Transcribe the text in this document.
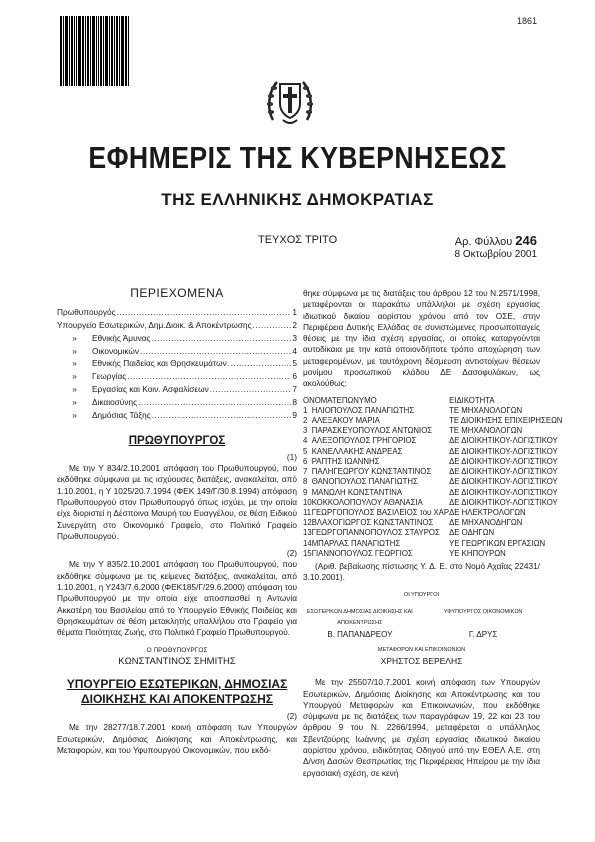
1861
ΕΦΗΜΕΡΙΣ ΤΗΣ ΚΥΒΕΡΝΗΣΕΩΣ
ΤΗΣ ΕΛΛΗΝΙΚΗΣ ΔΗΜΟΚΡΑΤΙΑΣ
ΤΕΥΧΟΣ ΤΡΙΤΟ	Αρ. Φύλλου 246
8 Οκτωβρίου 2001
ΠΕΡΙΕΧΟΜΕΝΑ
Πρωθυπουργός .....	1
Υπουργείο Εσωτερικών, Δημ.Διοικ. & Αποκέντρωσης .....	2
»	Εθνικής Άμυνας .....	3
»	Οικονομικών .....	4
»	Εθνικής Παιδείας και Θρησκευμάτων .....	5
»	Γεωργίας .....	6
»	Εργασίας και Κοιν. Ασφαλίσεων .....	7
»	Δικαιοσύνης .....	8
»	Δημόσιας Τάξης .....	9
ΠΡΩΘΥΠΟΥΡΓΟΣ
(1)

Με την Υ 834/2.10.2001 απόφαση του Πρωθυπουργού, που εκδόθηκε σύμφωνα με τις ισχύουσες διατάξεις, ανακαλείται, από 1.10.2001, η Υ 1025/20.7.1994 (ΦΕΚ 149/Γ/30.8.1994) απόφαση Πρωθυπουργού στον Πρωθυπουργό όπως ισχύει, με την οποία είχε διοριστεί η Δέσποινα Μαυρή του Ευαγγέλου, σε θέση Ειδικού Συνεργάτη στο Οικονομικό Γραφείο, στο Πολιτικό Γραφείο Πρωθυπουργού.

(2)

Με την Υ 835/2.10.2001 απόφαση του Πρωθυπουργού, που εκδόθηκε σύμφωνα με τις κείμενες διατάξεις, ανακαλείται, από 1.10.2001, η Υ243/7.6.2000 (ΦΕΚ185/Γ/29.6.2000) απόφαση του Πρωθυπουργού με την οποία είχε αποσπασθεί η Αντωνία Ακκατέρη του Βασιλείου από το Υπουργείο Εθνικής Παιδείας και Θρησκευμάτων σε θέση μετακλητής υπαλλήλου στο Γραφείο για θέματα Ποιότητας Ζωής, στο Πολιτικό Γραφείο Πρωθυπουργού.

Ο ΠΡΩΘΥΠΟΥΡΓΟΣ
ΚΩΝΣΤΑΝΤΙΝΟΣ ΣΗΜΙΤΗΣ
ΥΠΟΥΡΓΕΙΟ ΕΣΩΤΕΡΙΚΩΝ, ΔΗΜΟΣΙΑΣ ΔΙΟΙΚΗΣΗΣ ΚΑΙ ΑΠΟΚΕΝΤΡΩΣΗΣ
(2)

Με την 28277/18.7.2001 κοινή απόφαση των Υπουργών Εσωτερικών, Δημόσιας Διοίκησης και Αποκέντρωσης, και Μεταφορών, και του Υφυπουργού Οικονομικών, που εκδό-

θηκε σύμφωνα με τις διατάξεις του άρθρου 12 του Ν.2571/1998, μεταφέρονται οι παρακάτω υπάλληλοι με σχέση εργασίας ιδιωτικού δικαίου αορίστου χρόνου από τον ΟΣΕ, στην Περιφέρεια Δυτικής Ελλάδας σε συνιστώμενες προσωποπαγείς θέσεις με την ίδια σχέση εργασίας, οι οποίες καταργούνται αυτοδίκαια με την κατά οποιονδήποτε τρόπο αποχώρηση των μεταφερομένων, με ταυτόχρονη δέσμευση αντιστοίχων θέσεων μονίμου προσωπικού κλάδου ΔΕ Δασοφυλάκων, ως ακολούθως:

ΟΝΟΜΑΤΕΠΩΝΥΜΟ		ΕΙΔΙΚΟΤΗΤΑ
1	ΗΛΙΟΠΟΥΛΟΣ ΠΑΝΑΓΙΩΤΗΣ	ΤΕ ΜΗΧΑΝΟΛΟΓΩΝ
2	ΑΛΕΞΑΚΟΥ ΜΑΡΙΑ	ΤΕ ΔΙΟΙΚΗΣΗΣ ΕΠΙΧΕΙΡΗΣΕΩΝ
3	ΠΑΡΑΣΚΕΥΟΠΟΥΛΟΣ ΑΝΤΩΝΙΟΣ	ΤΕ ΜΗΧΑΝΟΛΟΓΩΝ
4	ΑΛΕΞΟΠΟΥΛΟΣ ΓΡΗΓΟΡΙΟΣ	ΔΕ ΔΙΟΙΚΗΤΙΚΟΥ-ΛΟΓΙΣΤΙΚΟΥ
5	ΚΑΝΕΛΛΑΚΗΣ ΑΝΔΡΕΑΣ	ΔΕ ΔΙΟΙΚΗΤΙΚΟΥ-ΛΟΓΙΣΤΙΚΟΥ
6	ΡΑΠΤΗΣ ΙΩΑΝΝΗΣ	ΔΕ ΔΙΟΙΚΗΤΙΚΟΥ-ΛΟΓΙΣΤΙΚΟΥ
7	ΠΑΛΗΓΕΩΡΓΟΥ ΚΩΝΣΤΑΝΤΙΝΟΣ	ΔΕ ΔΙΟΙΚΗΤΙΚΟΥ-ΛΟΓΙΣΤΙΚΟΥ
8	ΘΑΝΟΠΟΥΛΟΣ ΠΑΝΑΓΙΩΤΗΣ	ΔΕ ΔΙΟΙΚΗΤΙΚΟΥ-ΛΟΓΙΣΤΙΚΟΥ
9	ΜΑΝΩΛΗ ΚΩΝΣΤΑΝΤΙΝΑ	ΔΕ ΔΙΟΙΚΗΤΙΚΟΥ-ΛΟΓΙΣΤΙΚΟΥ
10	ΚΟΚΚΟΛΟΠΟΥΛΟΥ ΑΘΑΝΑΣΙΑ	ΔΕ ΔΙΟΙΚΗΤΙΚΟΥ-ΛΟΓΙΣΤΙΚΟΥ
11	ΓΕΩΡΓΟΠΟΥΛΟΣ ΒΑΣΙΛΕΙΟΣ του ΧΑΡ	ΔΕ ΗΛΕΚΤΡΟΛΟΓΩΝ
12	ΒΛΑΧΟΓΙΩΡΓΟΣ ΚΩΝΣΤΑΝΤΙΝΟΣ	ΔΕ ΜΗΧΑΝΟΔΗΓΩΝ
13	ΓΕΩΡΓΟΠΑΝΝΟΠΟΥΛΟΣ ΣΤΑΥΡΟΣ	ΔΕ ΟΔΗΓΩΝ
14	ΜΠΑΡΛΑΣ ΠΑΝΑΓΙΩΤΗΣ	ΥΕ ΓΕΩΡΓΙΚΩΝ ΕΡΓΑΣΙΩΝ
15	ΓΙΑΝΝΟΠΟΥΛΟΣ ΓΕΩΡΓΙΟΣ	ΥΕ ΚΗΠΟΥΡΩΝ

(Αριθ. βεβαίωσης πίστωσης Υ. Δ. Ε. στο Νομό Αχαΐας 22431/ 3.10.2001).

ΟΙ ΥΠΟΥΡΓΟΙ
ΕΣΩΤΕΡΙΚΩΝ ΔΗΜΟΣΙΑΣ ΔΙΟΙΚΗΣΗΣ ΚΑΙ ΑΠΟΚΕΝΤΡΩΣΗΣ
ΥΦΥΠΟΥΡΓΟΣ ΟΙΚΟΝΟΜΙΚΩΝ
Β. ΠΑΠΑΝΔΡΕΟΥ	Γ. ΔΡΥΣ
ΜΕΤΑΦΟΡΩΝ ΚΑΙ ΕΠΙΚΟΙΝΩΝΙΩΝ
ΧΡΗΣΤΟΣ ΒΕΡΕΛΗΣ

Με την 25507/10.7.2001 κοινή απόφαση των Υπουργών Εσωτερικών, Δημόσιας Διοίκησης και Αποκέντρωσης και του Υπουργού Μεταφορών και Επικοινωνιών, που εκδόθηκε σύμφωνα με τις διατάξεις των παραγράφων 19, 22 και 23 του άρθρου 9 του Ν. 2266/1994, μεταφέρεται ο υπάλληλος Σβεντζούρης Ιωάννης με σχέση εργασίας ιδιωτικού δικαίου αορίστου χρόνου, ειδικότητας Οδηγού από την ΕΘΕΛ Α.Ε. στη Δ/νση Δασών Θεσπρωτίας της Περιφέρειας Ηπείρου με την ίδια εργασιακή σχέση, σε κενή
